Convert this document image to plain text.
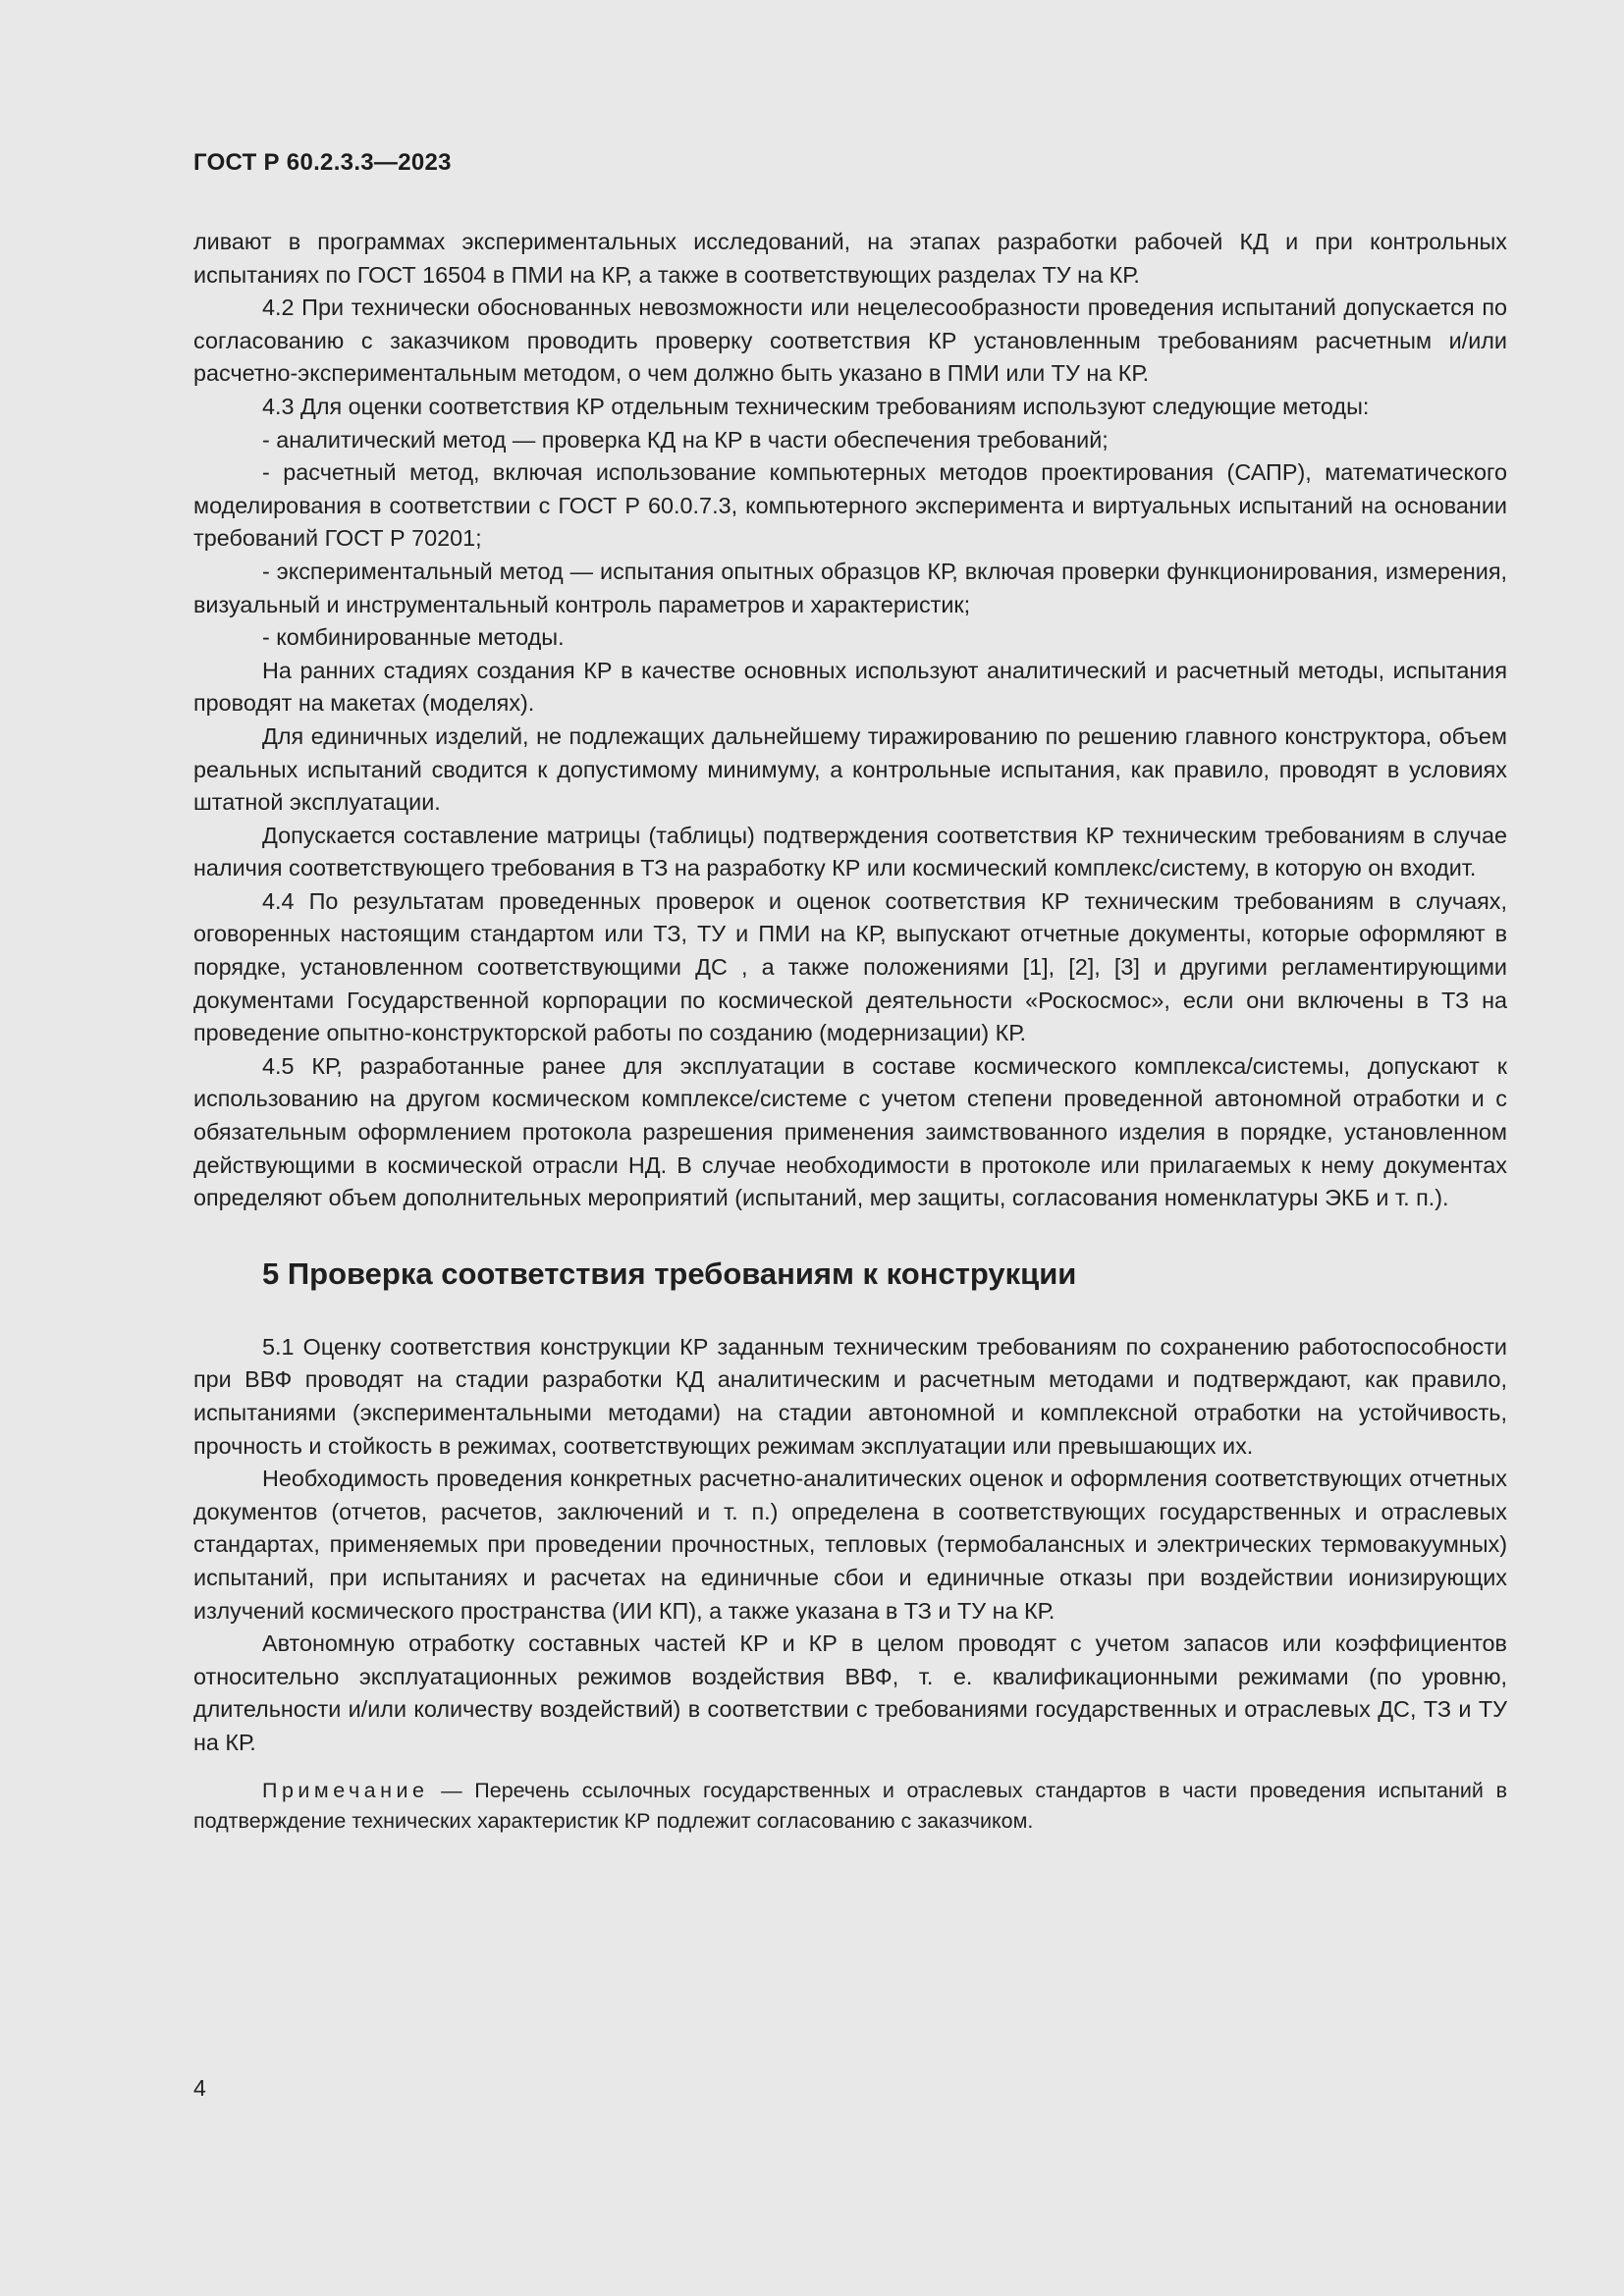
ГОСТ Р 60.2.3.3—2023

ливают в программах экспериментальных исследований, на этапах разработки рабочей КД и при контрольных испытаниях по ГОСТ 16504 в ПМИ на КР, а также в соответствующих разделах ТУ на КР.

4.2 При технически обоснованных невозможности или нецелесообразности проведения испытаний допускается по согласованию с заказчиком проводить проверку соответствия КР установленным требованиям расчетным и/или расчетно-экспериментальным методом, о чем должно быть указано в ПМИ или ТУ на КР.

4.3 Для оценки соответствия КР отдельным техническим требованиям используют следующие методы:

- аналитический метод — проверка КД на КР в части обеспечения требований;

- расчетный метод, включая использование компьютерных методов проектирования (САПР), математического моделирования в соответствии с ГОСТ Р 60.0.7.3, компьютерного эксперимента и виртуальных испытаний на основании требований ГОСТ Р 70201;

- экспериментальный метод — испытания опытных образцов КР, включая проверки функционирования, измерения, визуальный и инструментальный контроль параметров и характеристик;

- комбинированные методы.

На ранних стадиях создания КР в качестве основных используют аналитический и расчетный методы, испытания проводят на макетах (моделях).

Для единичных изделий, не подлежащих дальнейшему тиражированию по решению главного конструктора, объем реальных испытаний сводится к допустимому минимуму, а контрольные испытания, как правило, проводят в условиях штатной эксплуатации.

Допускается составление матрицы (таблицы) подтверждения соответствия КР техническим требованиям в случае наличия соответствующего требования в ТЗ на разработку КР или космический комплекс/систему, в которую он входит.

4.4 По результатам проведенных проверок и оценок соответствия КР техническим требованиям в случаях, оговоренных настоящим стандартом или ТЗ, ТУ и ПМИ на КР, выпускают отчетные документы, которые оформляют в порядке, установленном соответствующими ДС , а также положениями [1], [2], [3] и другими регламентирующими документами Государственной корпорации по космической деятельности «Роскосмос», если они включены в ТЗ на проведение опытно-конструкторской работы по созданию (модернизации) КР.

4.5 КР, разработанные ранее для эксплуатации в составе космического комплекса/системы, допускают к использованию на другом космическом комплексе/системе с учетом степени проведенной автономной отработки и с обязательным оформлением протокола разрешения применения заимствованного изделия в порядке, установленном действующими в космической отрасли НД. В случае необходимости в протоколе или прилагаемых к нему документах определяют объем дополнительных мероприятий (испытаний, мер защиты, согласования номенклатуры ЭКБ и т. п.).

5 Проверка соответствия требованиям к конструкции

5.1 Оценку соответствия конструкции КР заданным техническим требованиям по сохранению работоспособности при ВВФ проводят на стадии разработки КД аналитическим и расчетным методами и подтверждают, как правило, испытаниями (экспериментальными методами) на стадии автономной и комплексной отработки на устойчивость, прочность и стойкость в режимах, соответствующих режимам эксплуатации или превышающих их.

Необходимость проведения конкретных расчетно-аналитических оценок и оформления соответствующих отчетных документов (отчетов, расчетов, заключений и т. п.) определена в соответствующих государственных и отраслевых стандартах, применяемых при проведении прочностных, тепловых (термобалансных и электрических термовакуумных) испытаний, при испытаниях и расчетах на единичные сбои и единичные отказы при воздействии ионизирующих излучений космического пространства (ИИ КП), а также указана в ТЗ и ТУ на КР.

Автономную отработку составных частей КР и КР в целом проводят с учетом запасов или коэффициентов относительно эксплуатационных режимов воздействия ВВФ, т. е. квалификационными режимами (по уровню, длительности и/или количеству воздействий) в соответствии с требованиями государственных и отраслевых ДС, ТЗ и ТУ на КР.

Примечание — Перечень ссылочных государственных и отраслевых стандартов в части проведения испытаний в подтверждение технических характеристик КР подлежит согласованию с заказчиком.

4
